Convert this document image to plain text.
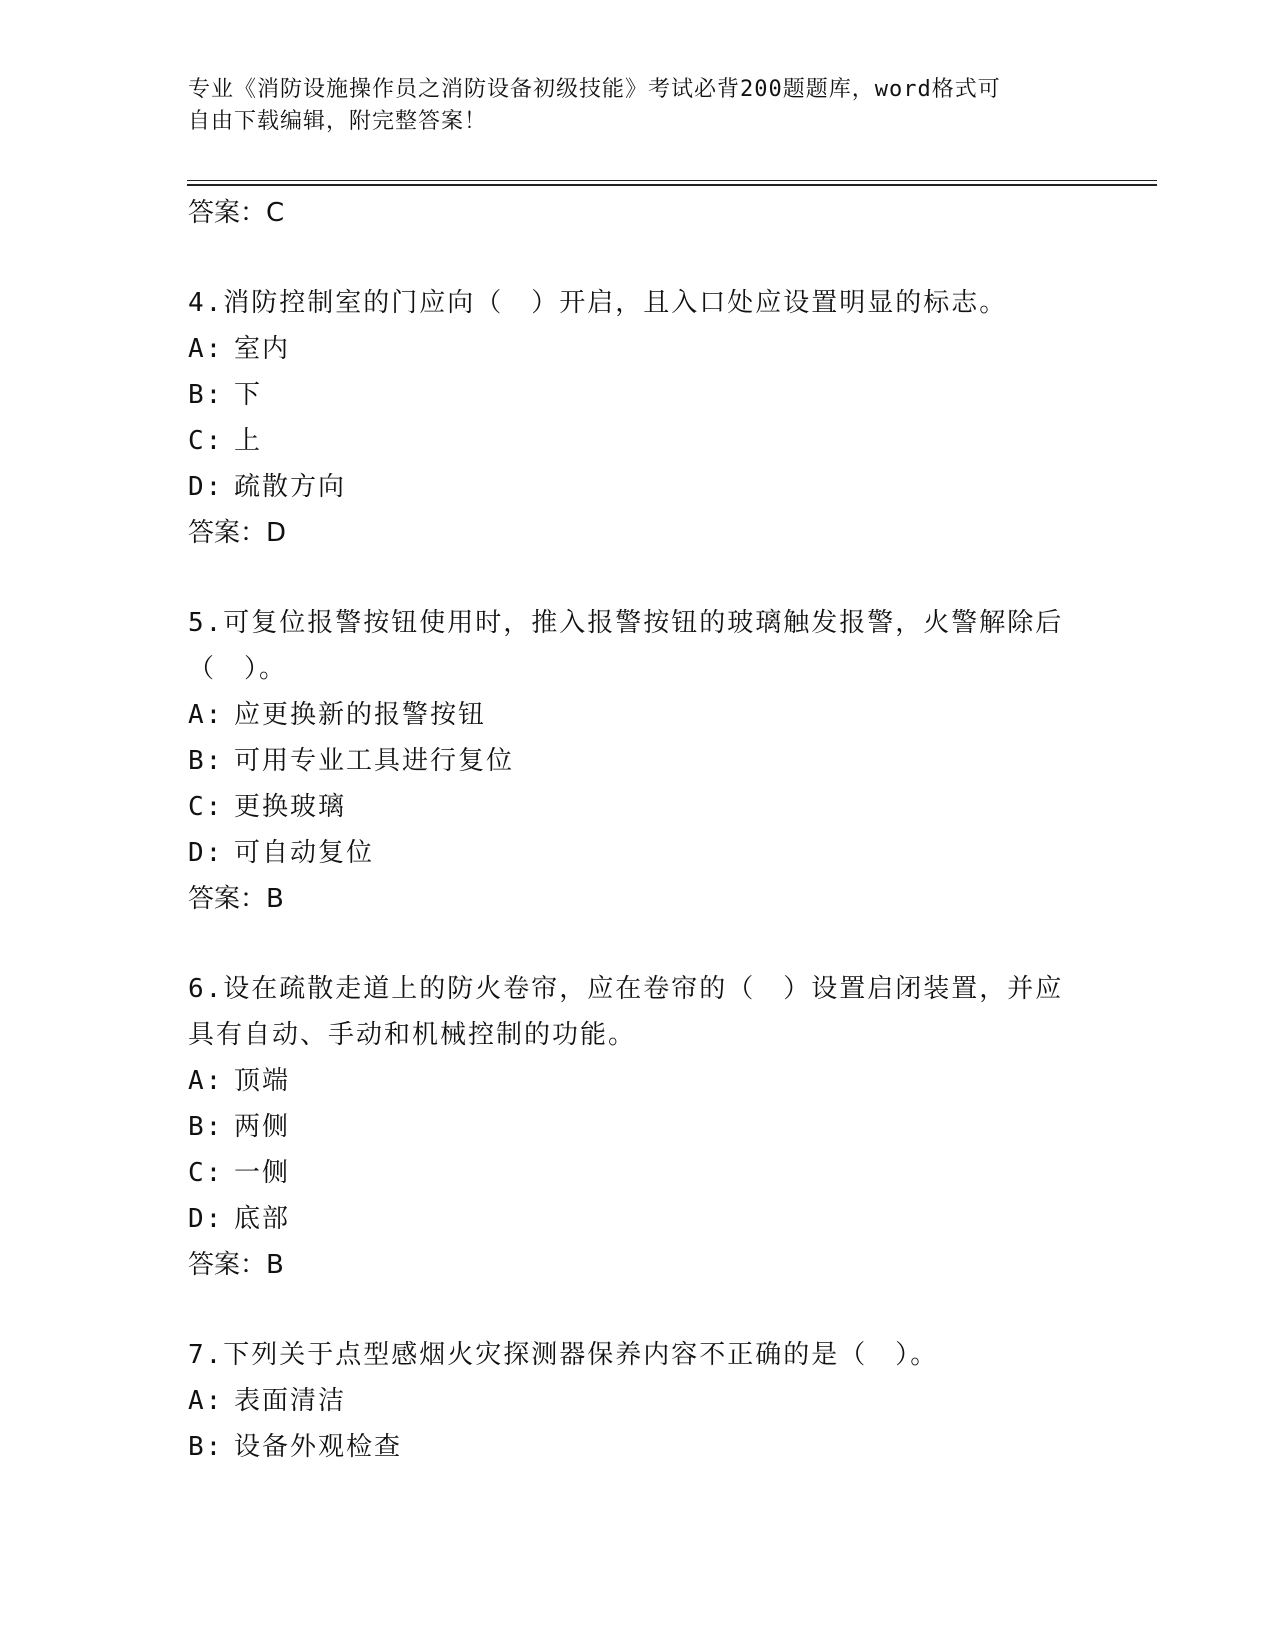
专业《消防设施操作员之消防设备初级技能》考试必背200题题库，word格式可
自由下载编辑，附完整答案！
答案：C
4.消防控制室的门应向（　）开启，且入口处应设置明显的标志。
A: 室内
B: 下
C: 上
D: 疏散方向
答案：D
5.可复位报警按钮使用时，推入报警按钮的玻璃触发报警，火警解除后（　）。
A: 应更换新的报警按钮
B: 可用专业工具进行复位
C: 更换玻璃
D: 可自动复位
答案：B
6.设在疏散走道上的防火卷帘，应在卷帘的（　）设置启闭装置，并应具有自动、手动和机械控制的功能。
A: 顶端
B: 两侧
C: 一侧
D: 底部
答案：B
7.下列关于点型感烟火灾探测器保养内容不正确的是（　）。
A: 表面清洁
B: 设备外观检查
